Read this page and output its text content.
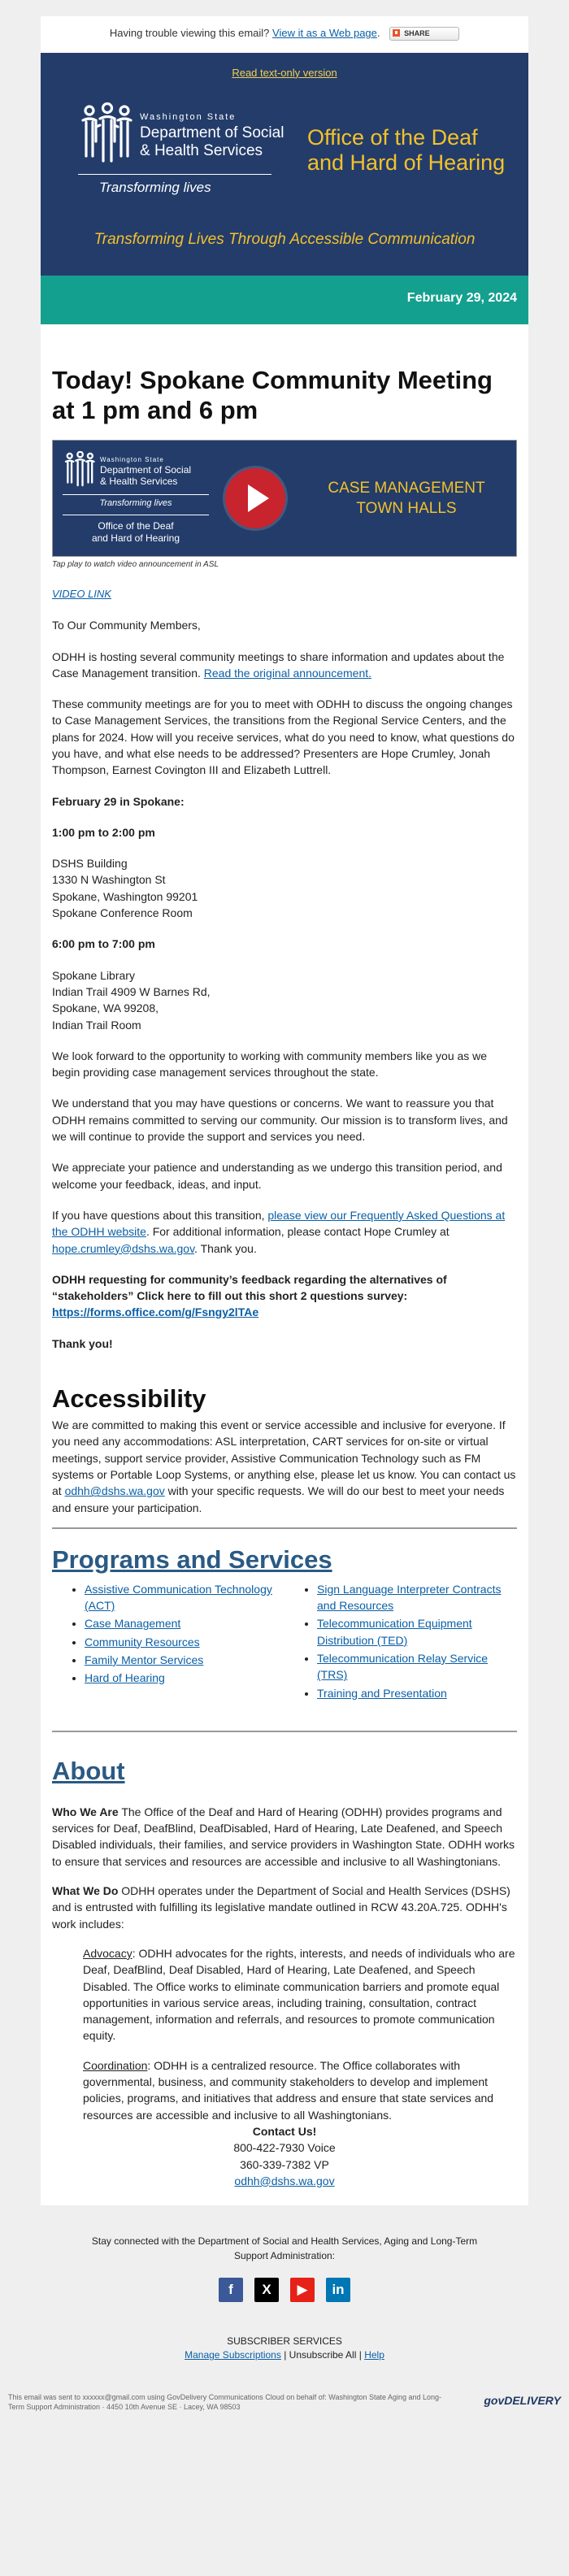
Having trouble viewing this email? View it as a Web page.	SHARE
Read text-only version
Washington State
Department of Social
& Health Services
Transforming lives
Office of the Deaf
and Hard of Hearing
Transforming Lives Through Accessible Communication
February 29, 2024
Today! Spokane Community Meeting at 1 pm and 6 pm
Washington State
Department of Social
& Health Services
Transforming lives
Office of the Deaf
and Hard of Hearing
CASE MANAGEMENT
TOWN HALLS
Tap play to watch video announcement in ASL
VIDEO LINK

To Our Community Members,

ODHH is hosting several community meetings to share information and updates about the Case Management transition. Read the original announcement.

These community meetings are for you to meet with ODHH to discuss the ongoing changes to Case Management Services, the transitions from the Regional Service Centers, and the plans for 2024. How will you receive services, what do you need to know, what questions do you have, and what else needs to be addressed? Presenters are Hope Crumley, Jonah Thompson, Earnest Covington III and Elizabeth Luttrell.

February 29 in Spokane:

1:00 pm to 2:00 pm

DSHS Building
1330 N Washington St
Spokane, Washington 99201
Spokane Conference Room

6:00 pm to 7:00 pm

Spokane Library
Indian Trail 4909 W Barnes Rd,
Spokane, WA 99208,
Indian Trail Room

We look forward to the opportunity to working with community members like you as we begin providing case management services throughout the state.

We understand that you may have questions or concerns. We want to reassure you that ODHH remains committed to serving our community. Our mission is to transform lives, and we will continue to provide the support and services you need.

We appreciate your patience and understanding as we undergo this transition period, and welcome your feedback, ideas, and input.

If you have questions about this transition, please view our Frequently Asked Questions at the ODHH website. For additional information, please contact Hope Crumley at hope.crumley@dshs.wa.gov. Thank you.

ODHH requesting for community’s feedback regarding the alternatives of “stakeholders” Click here to fill out this short 2 questions survey: https://forms.office.com/g/Fsngy2lTAe

Thank you!

Accessibility

We are committed to making this event or service accessible and inclusive for everyone. If you need any accommodations: ASL interpretation, CART services for on-site or virtual meetings, support service provider, Assistive Communication Technology such as FM systems or Portable Loop Systems, or anything else, please let us know. You can contact us at odhh@dshs.wa.gov with your specific requests. We will do our best to meet your needs and ensure your participation.

Programs and Services
• Assistive Communication Technology (ACT)
• Case Management
• Community Resources
• Family Mentor Services
• Hard of Hearing
• Sign Language Interpreter Contracts and Resources
• Telecommunication Equipment Distribution (TED)
• Telecommunication Relay Service (TRS)
• Training and Presentation
About

Who We Are The Office of the Deaf and Hard of Hearing (ODHH) provides programs and services for Deaf, DeafBlind, DeafDisabled, Hard of Hearing, Late Deafened, and Speech Disabled individuals, their families, and service providers in Washington State. ODHH works to ensure that services and resources are accessible and inclusive to all Washingtonians.

What We Do ODHH operates under the Department of Social and Health Services (DSHS) and is entrusted with fulfilling its legislative mandate outlined in RCW 43.20A.725. ODHH's work includes:

Advocacy: ODHH advocates for the rights, interests, and needs of individuals who are Deaf, DeafBlind, Deaf Disabled, Hard of Hearing, Late Deafened, and Speech Disabled. The Office works to eliminate communication barriers and promote equal opportunities in various service areas, including training, consultation, contract management, information and referrals, and resources to promote communication equity.

Coordination: ODHH is a centralized resource. The Office collaborates with governmental, business, and community stakeholders to develop and implement policies, programs, and initiatives that address and ensure that state services and resources are accessible and inclusive to all Washingtonians.

Contact Us!
800-422-7930 Voice
360-339-7382 VP
odhh@dshs.wa.gov
Stay connected with the Department of Social and Health Services, Aging and Long-Term Support Administration:
f	X	▶	in
SUBSCRIBER SERVICES
Manage Subscriptions | Unsubscribe All | Help
This email was sent to xxxxxx@gmail.com using GovDelivery Communications Cloud on behalf of: Washington State Aging and Long-Term Support Administration · 4450 10th Avenue SE · Lacey, WA 98503	govDELIVERY
